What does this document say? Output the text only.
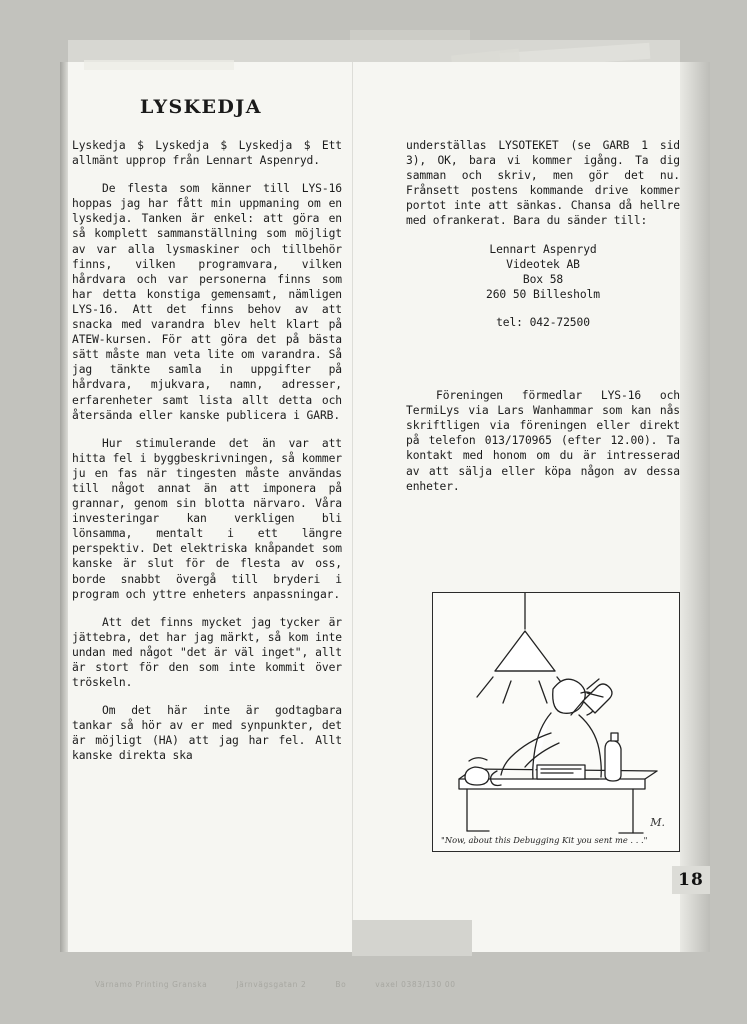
LYSKEDJA

Lyskedja $ Lyskedja $ Lyskedja $ Ett allmänt upprop från Lennart Aspenryd.

De flesta som känner till LYS-16 hoppas jag har fått min uppmaning om en lyskedja. Tanken är enkel: att göra en så komplett sammanställning som möjligt av var alla lysmaskiner och tillbehör finns, vilken programvara, vilken hårdvara och var personerna finns som har detta konstiga gemensamt, nämligen LYS-16. Att det finns behov av att snacka med varandra blev helt klart på ATEW-kursen. För att göra det på bästa sätt måste man veta lite om varandra. Så jag tänkte samla in uppgifter på hårdvara, mjukvara, namn, adresser, erfarenheter samt lista allt detta och återsända eller kanske publicera i GARB.

Hur stimulerande det än var att hitta fel i byggbeskrivningen, så kommer ju en fas när tingesten måste användas till något annat än att imponera på grannar, genom sin blotta närvaro. Våra investeringar kan verkligen bli lönsamma, mentalt i ett längre perspektiv. Det elektriska knåpandet som kanske är slut för de flesta av oss, borde snabbt övergå till bryderi i program och yttre enheters anpassningar.

Att det finns mycket jag tycker är jättebra, det har jag märkt, så kom inte undan med något "det är väl inget", allt är stort för den som inte kommit över tröskeln.

Om det här inte är godtagbara tankar så hör av er med synpunkter, det är möjligt (HA) att jag har fel. Allt kanske direkta ska

underställas LYSOTEKET (se GARB 1 sid 3), OK, bara vi kommer igång. Ta dig samman och skriv, men gör det nu. Frånsett postens kommande drive kommer portot inte att sänkas. Chansa då hellre med ofrankerat. Bara du sänder till:

Lennart Aspenryd

Videotek AB

Box 58

260 50 Billesholm

tel: 042-72500

Föreningen förmedlar LYS-16 och TermiLys via Lars Wanhammar som kan nås skriftligen via föreningen eller direkt på telefon 013/170965 (efter 12.00). Ta kontakt med honom om du är intresserad av att sälja eller köpa någon av dessa enheter.

M.
"Now, about this Debugging Kit you sent me . . ."
18
Värnamo Printing Granska	Järnvägsgatan 2	Bo	vaxel 0383/130 00
